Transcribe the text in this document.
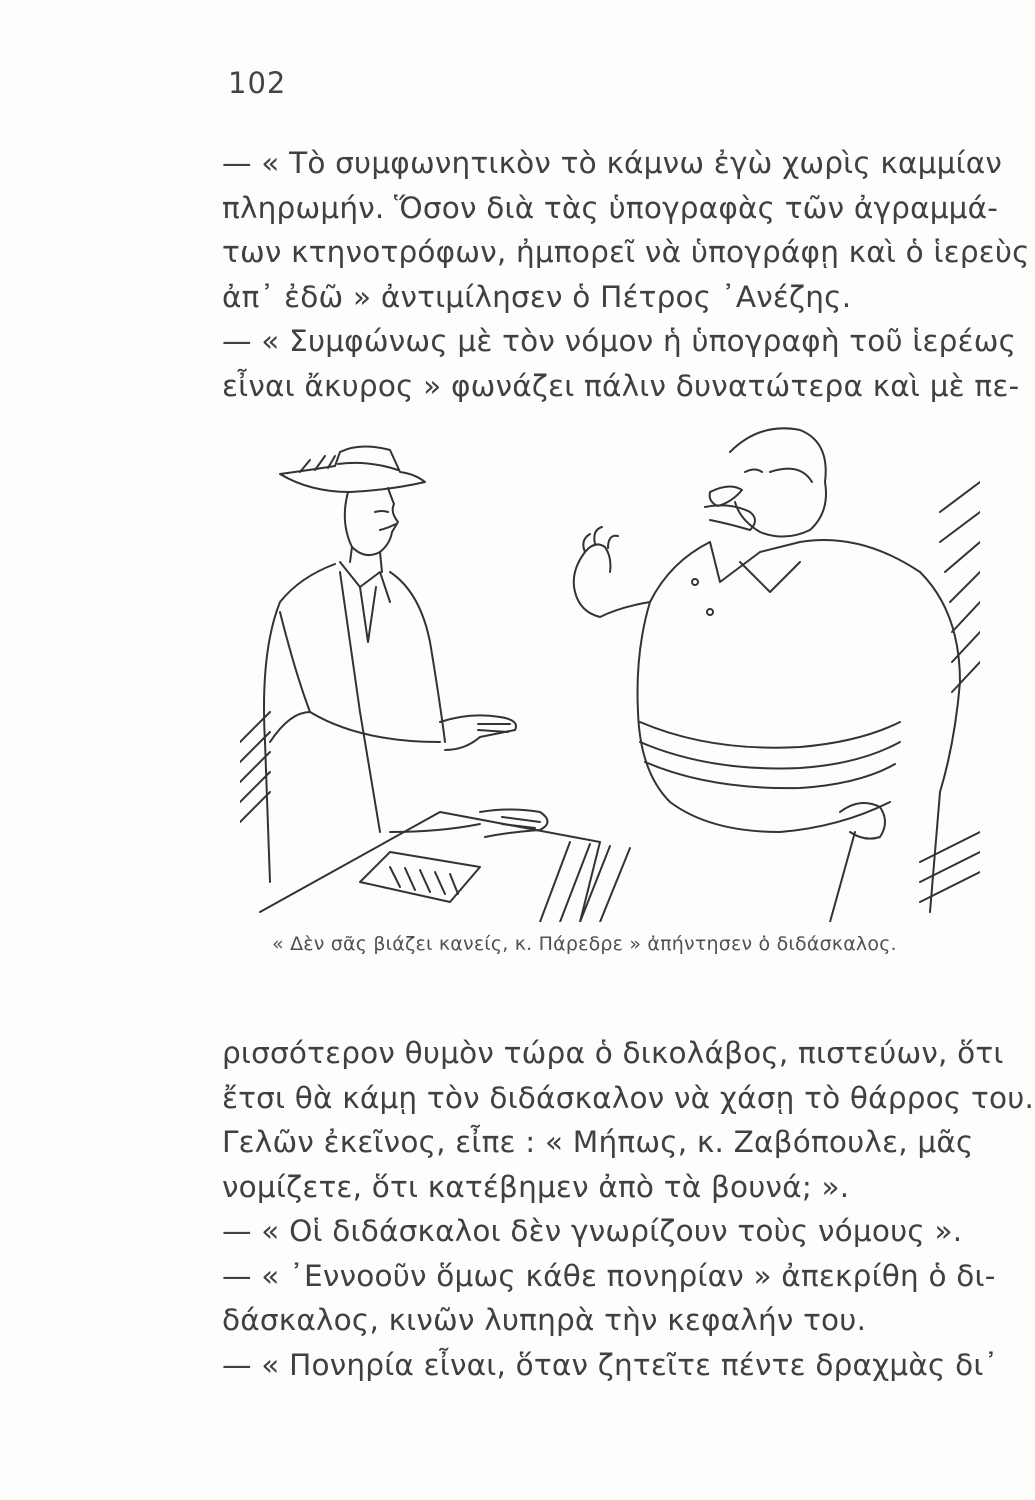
102

— « Τὸ συμφωνητικὸν τὸ κάμνω ἐγὼ χωρὶς καμμίαν

πληρωμήν. Ὅσον διὰ τὰς ὑπογραφὰς τῶν ἀγραμμά-

των κτηνοτρόφων, ἠμπορεῖ νὰ ὑπογράφῃ καὶ ὁ ἱερεὺς

ἀπ᾽ ἐδῶ » ἀντιμίλησεν ὁ Πέτρος ᾽Ανέζης.

— « Συμφώνως μὲ τὸν νόμον ἡ ὑπογραφὴ τοῦ ἱερέως

εἶναι ἄκυρος » φωνάζει πάλιν δυνατώτερα καὶ μὲ πε-

« Δὲν σᾶς βιάζει κανείς, κ. Πάρεδρε » ἀπήντησεν ὁ διδάσκαλος.

ρισσότερον θυμὸν τώρα ὁ δικολάβος, πιστεύων, ὅτι

ἔτσι θὰ κάμῃ τὸν διδάσκαλον νὰ χάσῃ τὸ θάρρος του.

Γελῶν ἐκεῖνος, εἶπε : « Μήπως, κ. Ζαβόπουλε, μᾶς

νομίζετε, ὅτι κατέβημεν ἀπὸ τὰ βουνά; ».

— « Οἱ διδάσκαλοι δὲν γνωρίζουν τοὺς νόμους ».

— « ᾽Εννοοῦν ὅμως κάθε πονηρίαν » ἀπεκρίθη ὁ δι-

δάσκαλος, κινῶν λυπηρὰ τὴν κεφαλήν του.

— « Πονηρία εἶναι, ὅταν ζητεῖτε πέντε δραχμὰς δι᾽
